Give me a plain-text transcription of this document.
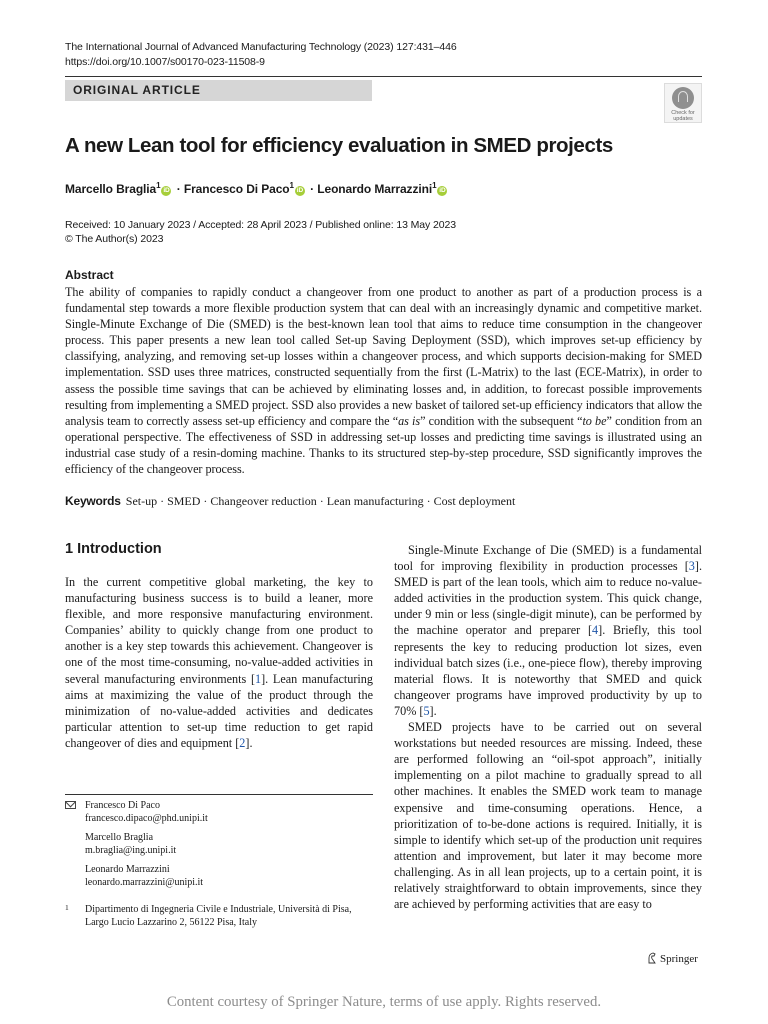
The International Journal of Advanced Manufacturing Technology (2023) 127:431–446
https://doi.org/10.1007/s00170-023-11508-9
ORIGINAL ARTICLE
Check for
updates
A new Lean tool for efficiency evaluation in SMED projects
Marcello Braglia$^1$iD · Francesco Di Paco$^1$iD · Leonardo Marrazzini$^1$iD
Received: 10 January 2023 / Accepted: 28 April 2023 / Published online: 13 May 2023
© The Author(s) 2023
Abstract
The ability of companies to rapidly conduct a changeover from one product to another as part of a production process is a fundamental step towards a more flexible production system that can deal with an increasingly dynamic and competitive market. Single-Minute Exchange of Die (SMED) is the best-known lean tool that aims to reduce time consumption in the changeover process. This paper presents a new lean tool called Set-up Saving Deployment (SSD), which improves set-up efficiency by classifying, analyzing, and removing set-up losses within a changeover process, and which supports decision-making for SMED implementation. SSD uses three matrices, constructed sequentially from the first (L-Matrix) to the last (ECE-Matrix), in order to assess the possible time savings that can be achieved by eliminating losses and, in addition, to forecast possible improvements resulting from implementing a SMED project. SSD also provides a new basket of tailored set-up efficiency indicators that allow the analysis team to correctly assess set-up efficiency and compare the “as is” condition with the subsequent “to be” condition from an operational perspective. The effectiveness of SSD in addressing set-up losses and predicting time savings is illustrated using an industrial case study of a resin-doming machine. Thanks to its structured step-by-step procedure, SSD significantly improves the efficiency of the changeover process.
Keywords Set-up · SMED · Changeover reduction · Lean manufacturing · Cost deployment
1 Introduction

In the current competitive global marketing, the key to manufacturing business success is to build a leaner, more flexible, and more responsive manufacturing environment. Companies’ ability to quickly change from one product to another is a key step towards this achievement. Changeover is one of the most time-consuming, no-value-added activities in several manufacturing environments [1]. Lean manufacturing aims at maximizing the value of the product through the minimization of no-value-added activities and dedicates particular attention to set-up time reduction to get rapid changeover of dies and equipment [2].

Single-Minute Exchange of Die (SMED) is a fundamental tool for improving flexibility in production processes [3]. SMED is part of the lean tools, which aim to reduce no-value-added activities in the production system. This quick change, under 9 min or less (single-digit minute), can be performed by the machine operator and preparer [4]. Briefly, this tool represents the key to reducing production lot sizes, even individual batch sizes (i.e., one-piece flow), thereby improving material flows. It is noteworthy that SMED and quick changeover programs have improved productivity by up to 70% [5].

SMED projects have to be carried out on several workstations but needed resources are missing. Indeed, these are performed following an “oil-spot approach”, initially implementing on a pilot machine to gradually spread to all other machines. It enables the SMED work team to manage expensive and time-consuming operations. Hence, a prioritization of to-be-done actions is required. Initially, it is simple to identify which set-up of the production unit requires attention and improvement, but later it may become more challenging. As in all lean projects, up to a certain point, it is relatively straightforward to obtain improvements, since they are achieved by performing activities that are easy to

Francesco Di Paco
francesco.dipaco@phd.unipi.it
Marcello Braglia
m.braglia@ing.unipi.it
Leonardo Marrazzini
leonardo.marrazzini@unipi.it
1	Dipartimento di Ingegneria Civile e Industriale, Università di Pisa, Largo Lucio Lazzarino 2, 56122 Pisa, Italy
Springer
Content courtesy of Springer Nature, terms of use apply. Rights reserved.
